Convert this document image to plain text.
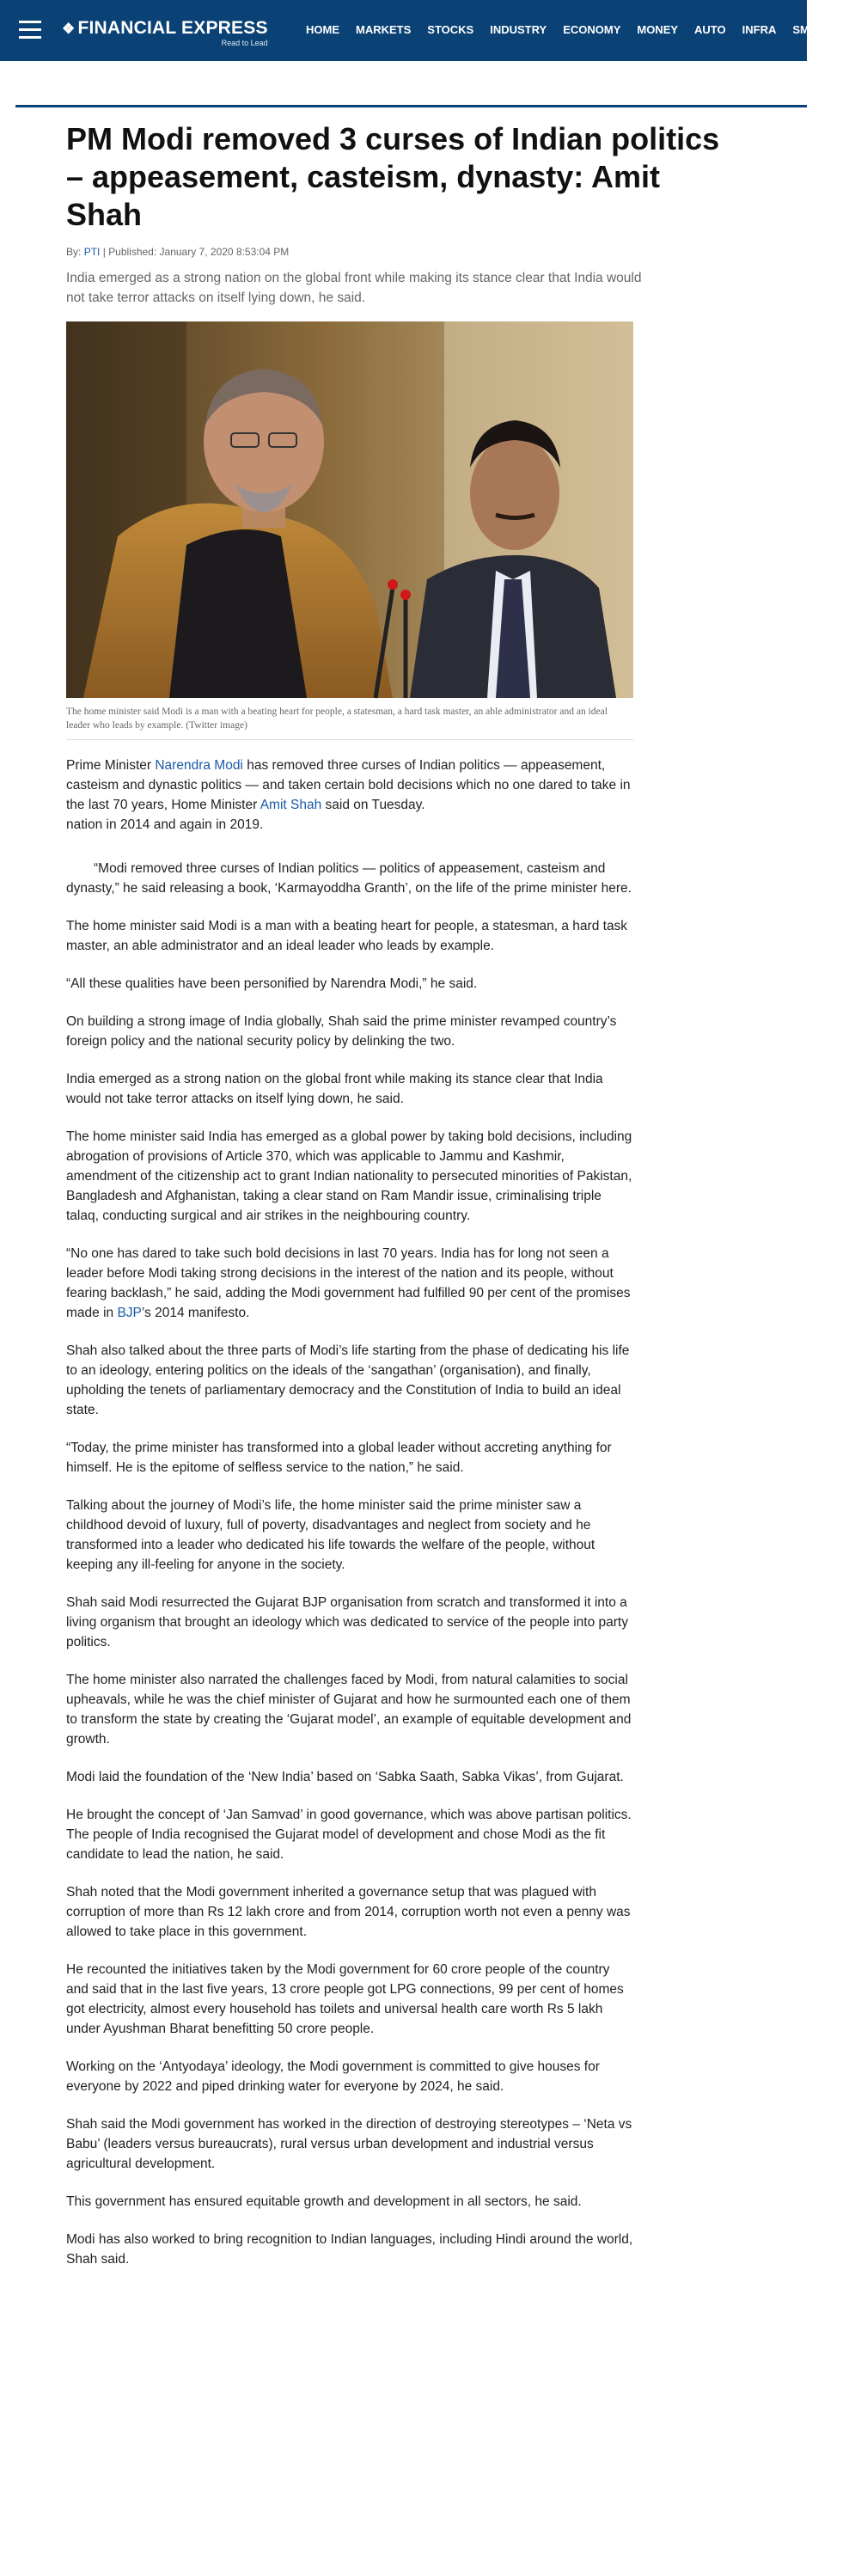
❖ FINANCIAL EXPRESS
Read to Lead
HOME MARKETS STOCKS INDUSTRY ECONOMY MONEY AUTO INFRA SME MF
PM Modi removed 3 curses of Indian politics – appeasement, casteism, dynasty: Amit Shah
By: PTI | Published: January 7, 2020 8:53:04 PM
India emerged as a strong nation on the global front while making its stance clear that India would not take terror attacks on itself lying down, he said.
The home minister said Modi is a man with a beating heart for people, a statesman, a hard task master, an able administrator and an ideal leader who leads by example. (Twitter image)

Prime Minister Narendra Modi has removed three curses of Indian politics — appeasement, casteism and dynastic politics — and taken certain bold decisions which no one dared to take in the last 70 years, Home Minister Amit Shah said on Tuesday.

nation in 2014 and again in 2019.

“Modi removed three curses of Indian politics — politics of appeasement, casteism and dynasty,” he said releasing a book, ‘Karmayoddha Granth’, on the life of the prime minister here.

The home minister said Modi is a man with a beating heart for people, a statesman, a hard task master, an able administrator and an ideal leader who leads by example.

“All these qualities have been personified by Narendra Modi,” he said.

On building a strong image of India globally, Shah said the prime minister revamped country’s foreign policy and the national security policy by delinking the two.

India emerged as a strong nation on the global front while making its stance clear that India would not take terror attacks on itself lying down, he said.

The home minister said India has emerged as a global power by taking bold decisions, including abrogation of provisions of Article 370, which was applicable to Jammu and Kashmir, amendment of the citizenship act to grant Indian nationality to persecuted minorities of Pakistan, Bangladesh and Afghanistan, taking a clear stand on Ram Mandir issue, criminalising triple talaq, conducting surgical and air strikes in the neighbouring country.

“No one has dared to take such bold decisions in last 70 years. India has for long not seen a leader before Modi taking strong decisions in the interest of the nation and its people, without fearing backlash,” he said, adding the Modi government had fulfilled 90 per cent of the promises made in BJP’s 2014 manifesto.

Shah also talked about the three parts of Modi’s life starting from the phase of dedicating his life to an ideology, entering politics on the ideals of the ‘sangathan’ (organisation), and finally, upholding the tenets of parliamentary democracy and the Constitution of India to build an ideal state.

“Today, the prime minister has transformed into a global leader without accreting anything for himself. He is the epitome of selfless service to the nation,” he said.

Talking about the journey of Modi’s life, the home minister said the prime minister saw a childhood devoid of luxury, full of poverty, disadvantages and neglect from society and he transformed into a leader who dedicated his life towards the welfare of the people, without keeping any ill-feeling for anyone in the society.

Shah said Modi resurrected the Gujarat BJP organisation from scratch and transformed it into a living organism that brought an ideology which was dedicated to service of the people into party politics.

The home minister also narrated the challenges faced by Modi, from natural calamities to social upheavals, while he was the chief minister of Gujarat and how he surmounted each one of them to transform the state by creating the ‘Gujarat model’, an example of equitable development and growth.

Modi laid the foundation of the ‘New India’ based on ‘Sabka Saath, Sabka Vikas’, from Gujarat.

He brought the concept of ‘Jan Samvad’ in good governance, which was above partisan politics. The people of India recognised the Gujarat model of development and chose Modi as the fit candidate to lead the nation, he said.

Shah noted that the Modi government inherited a governance setup that was plagued with corruption of more than Rs 12 lakh crore and from 2014, corruption worth not even a penny was allowed to take place in this government.

He recounted the initiatives taken by the Modi government for 60 crore people of the country and said that in the last five years, 13 crore people got LPG connections, 99 per cent of homes got electricity, almost every household has toilets and universal health care worth Rs 5 lakh under Ayushman Bharat benefitting 50 crore people.

Working on the ‘Antyodaya’ ideology, the Modi government is committed to give houses for everyone by 2022 and piped drinking water for everyone by 2024, he said.

Shah said the Modi government has worked in the direction of destroying stereotypes – ‘Neta vs Babu’ (leaders versus bureaucrats), rural versus urban development and industrial versus agricultural development.

This government has ensured equitable growth and development in all sectors, he said.

Modi has also worked to bring recognition to Indian languages, including Hindi around the world, Shah said.
